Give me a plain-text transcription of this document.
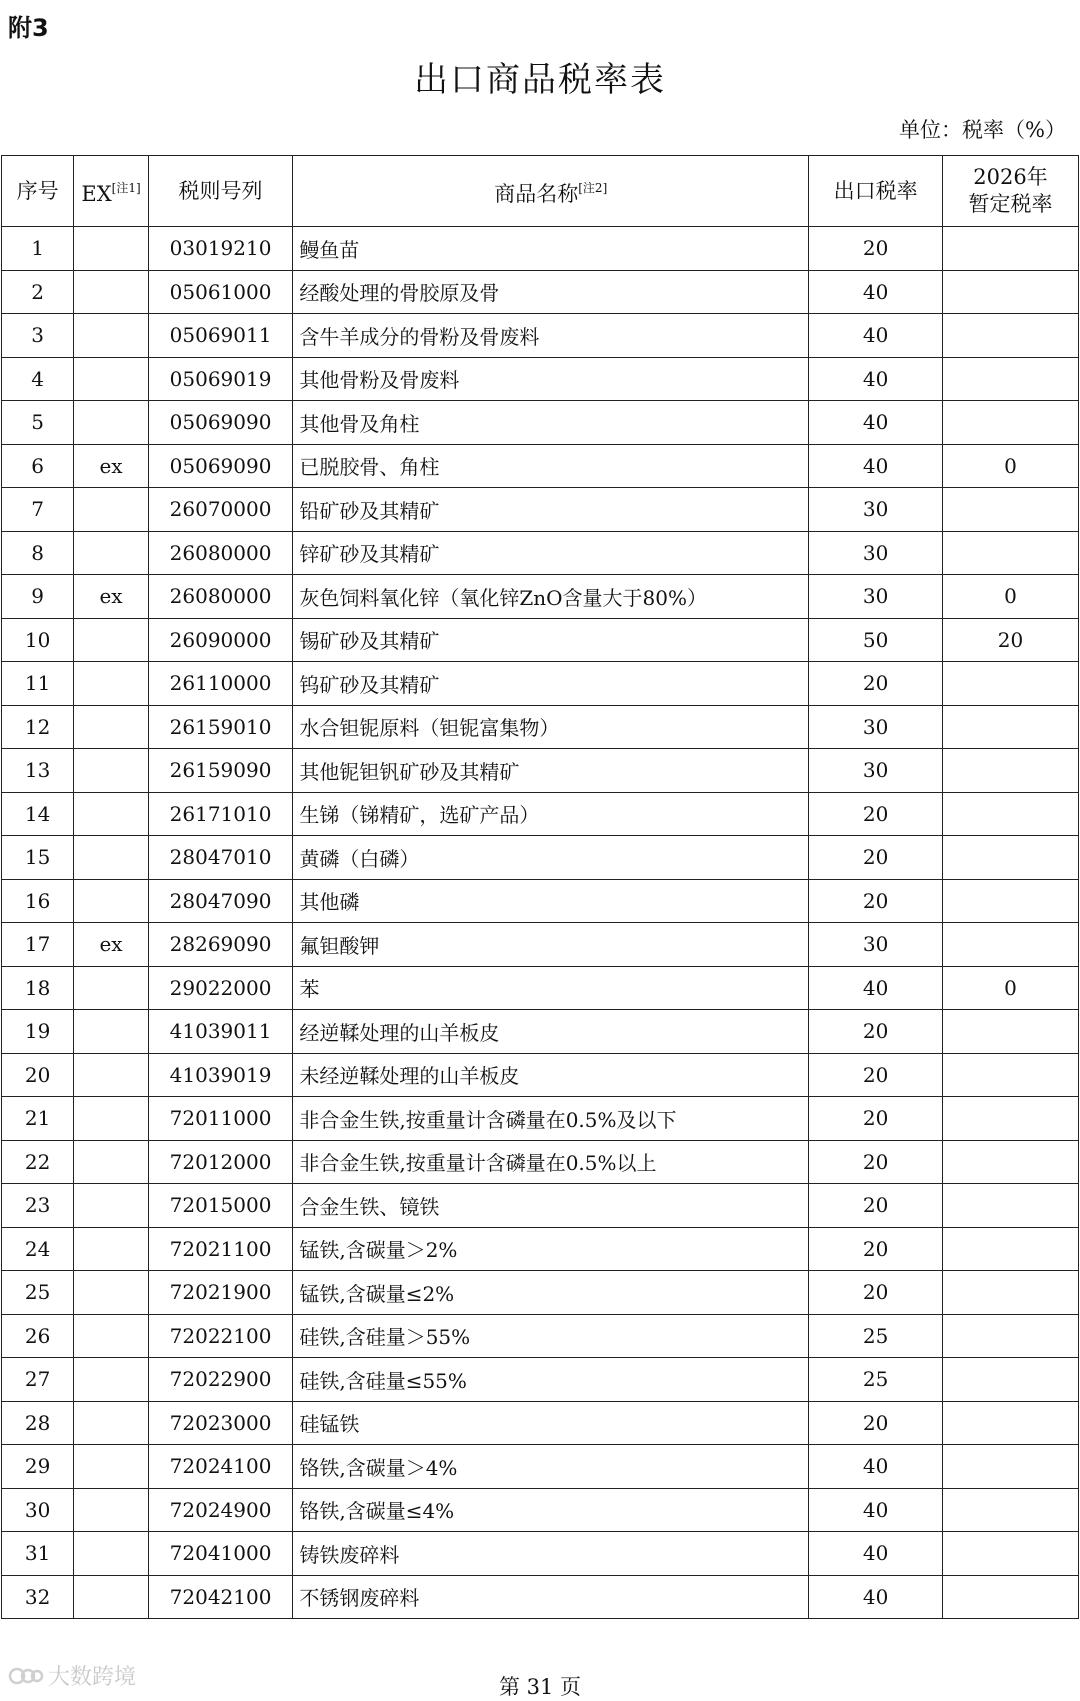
附3
出口商品税率表
单位：税率（%）
序号	EX[注1]	税则号列	商品名称[注2]	出口税率	2026年
暂定税率
1		03019210	鳗鱼苗	20	
2		05061000	经酸处理的骨胶原及骨	40	
3		05069011	含牛羊成分的骨粉及骨废料	40	
4		05069019	其他骨粉及骨废料	40	
5		05069090	其他骨及角柱	40	
6	ex	05069090	已脱胶骨、角柱	40	0
7		26070000	铅矿砂及其精矿	30	
8		26080000	锌矿砂及其精矿	30	
9	ex	26080000	灰色饲料氧化锌（氧化锌ZnO含量大于80%）	30	0
10		26090000	锡矿砂及其精矿	50	20
11		26110000	钨矿砂及其精矿	20	
12		26159010	水合钽铌原料（钽铌富集物）	30	
13		26159090	其他铌钽钒矿砂及其精矿	30	
14		26171010	生锑（锑精矿，选矿产品）	20	
15		28047010	黄磷（白磷）	20	
16		28047090	其他磷	20	
17	ex	28269090	氟钽酸钾	30	
18		29022000	苯	40	0
19		41039011	经逆鞣处理的山羊板皮	20	
20		41039019	未经逆鞣处理的山羊板皮	20	
21		72011000	非合金生铁,按重量计含磷量在0.5%及以下	20	
22		72012000	非合金生铁,按重量计含磷量在0.5%以上	20	
23		72015000	合金生铁、镜铁	20	
24		72021100	锰铁,含碳量＞2%	20	
25		72021900	锰铁,含碳量≤2%	20	
26		72022100	硅铁,含硅量＞55%	25	
27		72022900	硅铁,含硅量≤55%	25	
28		72023000	硅锰铁	20	
29		72024100	铬铁,含碳量＞4%	40	
30		72024900	铬铁,含碳量≤4%	40	
31		72041000	铸铁废碎料	40	
32		72042100	不锈钢废碎料	40	
大数跨境	第 31 页
